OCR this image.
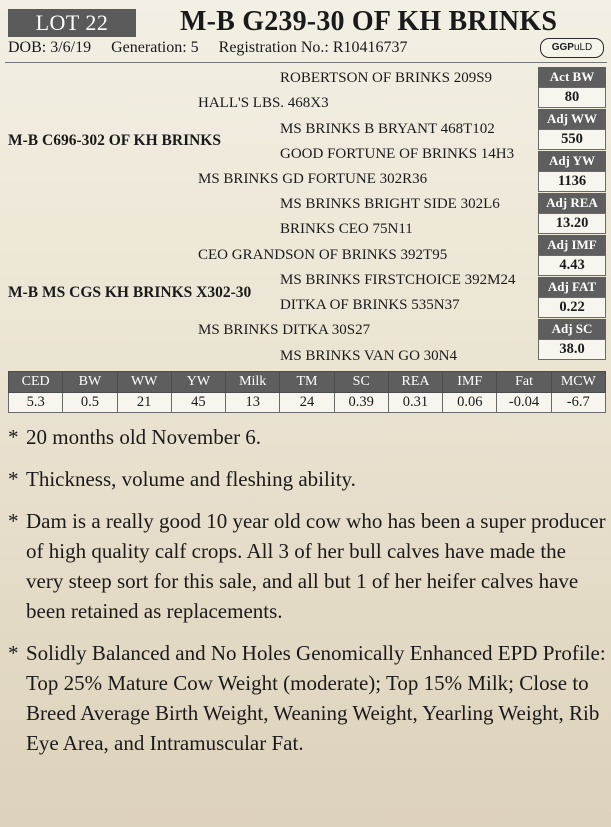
LOT 22	M-B G239-30 OF KH BRINKS
DOB: 3/6/19 Generation: 5 Registration No.: R10416737	GGPuLD
ROBERTSON OF BRINKS 209S9
HALL'S LBS. 468X3
MS BRINKS B BRYANT 468T102
M-B C696-302 OF KH BRINKS
GOOD FORTUNE OF BRINKS 14H3
MS BRINKS GD FORTUNE 302R36
MS BRINKS BRIGHT SIDE 302L6
BRINKS CEO 75N11
CEO GRANDSON OF BRINKS 392T95
MS BRINKS FIRSTCHOICE 392M24
M-B MS CGS KH BRINKS X302-30
DITKA OF BRINKS 535N37
MS BRINKS DITKA 30S27
MS BRINKS VAN GO 30N4
Act BW
80
Adj WW
550
Adj YW
1136
Adj REA
13.20
Adj IMF
4.43
Adj FAT
0.22
Adj SC
38.0
CED	BW	WW	YW	Milk	TM	SC	REA	IMF	Fat	MCW
5.3	0.5	21	45	13	24	0.39	0.31	0.06	-0.04	-6.7
* 20 months old November 6.
* Thickness, volume and fleshing ability.
* Dam is a really good 10 year old cow who has been a super producer of high quality calf crops. All 3 of her bull calves have made the very steep sort for this sale, and all but 1 of her heifer calves have been retained as replacements.
* Solidly Balanced and No Holes Genomically Enhanced EPD Profile: Top 25% Mature Cow Weight (moderate); Top 15% Milk; Close to Breed Average Birth Weight, Weaning Weight, Yearling Weight, Rib Eye Area, and Intramuscular Fat.
